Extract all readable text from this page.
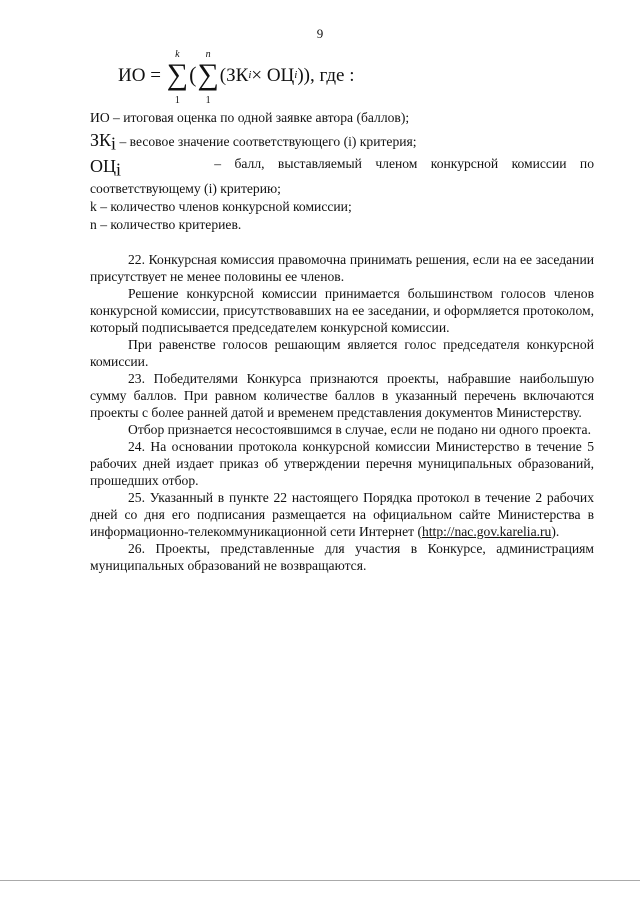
9
ИО =
∑
k
1
( ∑
n
1
(ЗК i × ОЦ i )), где :
ИО – итоговая оценка по одной заявке автора (баллов);
$ЗК_i$ – весовое значение соответствующего (i) критерия;
$ОЦ_i$	– балл, выставляемый членом конкурсной комиссии по
соответствующему (i) критерию;
k – количество членов конкурсной комиссии;
n – количество критериев.

22. Конкурсная комиссия правомочна принимать решения, если на ее заседании присутствует не менее половины ее членов.

Решение конкурсной комиссии принимается большинством голосов членов конкурсной комиссии, присутствовавших на ее заседании, и оформляется протоколом, который подписывается председателем конкурсной комиссии.

При равенстве голосов решающим является голос председателя конкурсной комиссии.

23. Победителями Конкурса признаются проекты, набравшие наибольшую сумму баллов. При равном количестве баллов в указанный перечень включаются проекты с более ранней датой и временем представления документов Министерству.

Отбор признается несостоявшимся в случае, если не подано ни одного проекта.

24. На основании протокола конкурсной комиссии Министерство в течение 5 рабочих дней издает приказ об утверждении перечня муниципальных образований, прошедших отбор.

25. Указанный в пункте 22 настоящего Порядка протокол в течение 2 рабочих дней со дня его подписания размещается на официальном сайте Министерства в информационно-телекоммуникационной сети Интернет (http://nac.gov.karelia.ru).

26. Проекты, представленные для участия в Конкурсе, администрациям муниципальных образований не возвращаются.
